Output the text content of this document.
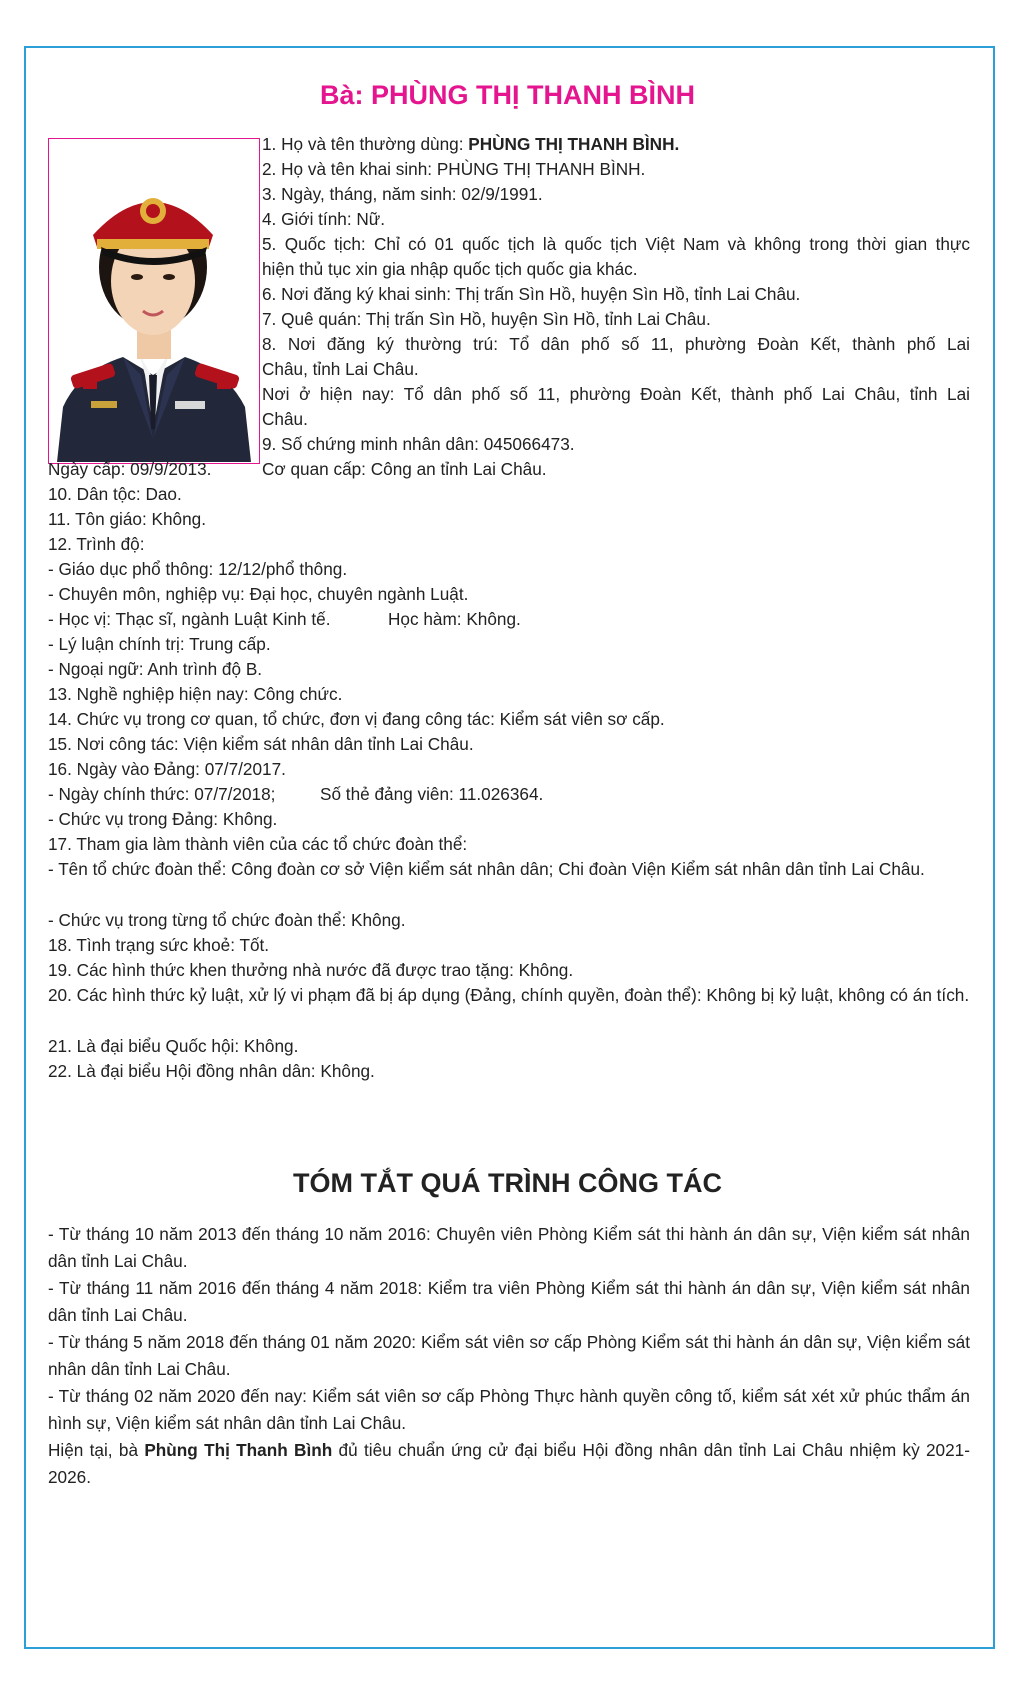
Bà: PHÙNG THỊ THANH BÌNH
1. Họ và tên thường dùng: PHÙNG THỊ THANH BÌNH.
2. Họ và tên khai sinh: PHÙNG THỊ THANH BÌNH.
3. Ngày, tháng, năm sinh: 02/9/1991.
4. Giới tính: Nữ.
5. Quốc tịch: Chỉ có 01 quốc tịch là quốc tịch Việt Nam và không trong thời gian thực
hiện thủ tục xin gia nhập quốc tịch quốc gia khác.
6. Nơi đăng ký khai sinh: Thị trấn Sìn Hồ, huyện Sìn Hồ, tỉnh Lai Châu.
7. Quê quán: Thị trấn Sìn Hồ, huyện Sìn Hồ, tỉnh Lai Châu.
8. Nơi đăng ký thường trú: Tổ dân phố số 11, phường Đoàn Kết, thành phố Lai
Châu, tỉnh Lai Châu.
Nơi ở hiện nay: Tổ dân phố số 11, phường Đoàn Kết, thành phố Lai Châu, tỉnh Lai
Châu.
9. Số chứng minh nhân dân: 045066473.
Ngày cấp: 09/9/2013.	Cơ quan cấp: Công an tỉnh Lai Châu.
10. Dân tộc: Dao.
11. Tôn giáo: Không.
12. Trình độ:
- Giáo dục phổ thông: 12/12/phổ thông.
- Chuyên môn, nghiệp vụ: Đại học, chuyên ngành Luật.
- Học vị: Thạc sĩ, ngành Luật Kinh tế.	Học hàm: Không.
- Lý luận chính trị: Trung cấp.
- Ngoại ngữ: Anh trình độ B.
13. Nghề nghiệp hiện nay: Công chức.
14. Chức vụ trong cơ quan, tổ chức, đơn vị đang công tác: Kiểm sát viên sơ cấp.
15. Nơi công tác: Viện kiểm sát nhân dân tỉnh Lai Châu.
16. Ngày vào Đảng: 07/7/2017.
- Ngày chính thức: 07/7/2018;	Số thẻ đảng viên: 11.026364.
- Chức vụ trong Đảng: Không.
17. Tham gia làm thành viên của các tổ chức đoàn thể:
- Tên tổ chức đoàn thể: Công đoàn cơ sở Viện kiểm sát nhân dân; Chi đoàn Viện Kiểm sát nhân dân tỉnh Lai Châu.
- Chức vụ trong từng tổ chức đoàn thể: Không.
18. Tình trạng sức khoẻ: Tốt.
19. Các hình thức khen thưởng nhà nước đã được trao tặng: Không.
20. Các hình thức kỷ luật, xử lý vi phạm đã bị áp dụng (Đảng, chính quyền, đoàn thể): Không bị kỷ luật, không có án tích.
21. Là đại biểu Quốc hội: Không.
22. Là đại biểu Hội đồng nhân dân: Không.
TÓM TẮT QUÁ TRÌNH CÔNG TÁC
- Từ tháng 10 năm 2013 đến tháng 10 năm 2016: Chuyên viên Phòng Kiểm sát thi hành án dân sự, Viện kiểm sát nhân dân tỉnh Lai Châu.
- Từ tháng 11 năm 2016 đến tháng 4 năm 2018: Kiểm tra viên Phòng Kiểm sát thi hành án dân sự, Viện kiểm sát nhân dân tỉnh Lai Châu.
- Từ tháng 5 năm 2018 đến tháng 01 năm 2020: Kiểm sát viên sơ cấp Phòng Kiểm sát thi hành án dân sự, Viện kiểm sát nhân dân tỉnh Lai Châu.
- Từ tháng 02 năm 2020 đến nay: Kiểm sát viên sơ cấp Phòng Thực hành quyền công tố, kiểm sát xét xử phúc thẩm án hình sự, Viện kiểm sát nhân dân tỉnh Lai Châu.
Hiện tại, bà Phùng Thị Thanh Bình đủ tiêu chuẩn ứng cử đại biểu Hội đồng nhân dân tỉnh Lai Châu nhiệm kỳ 2021-2026.
